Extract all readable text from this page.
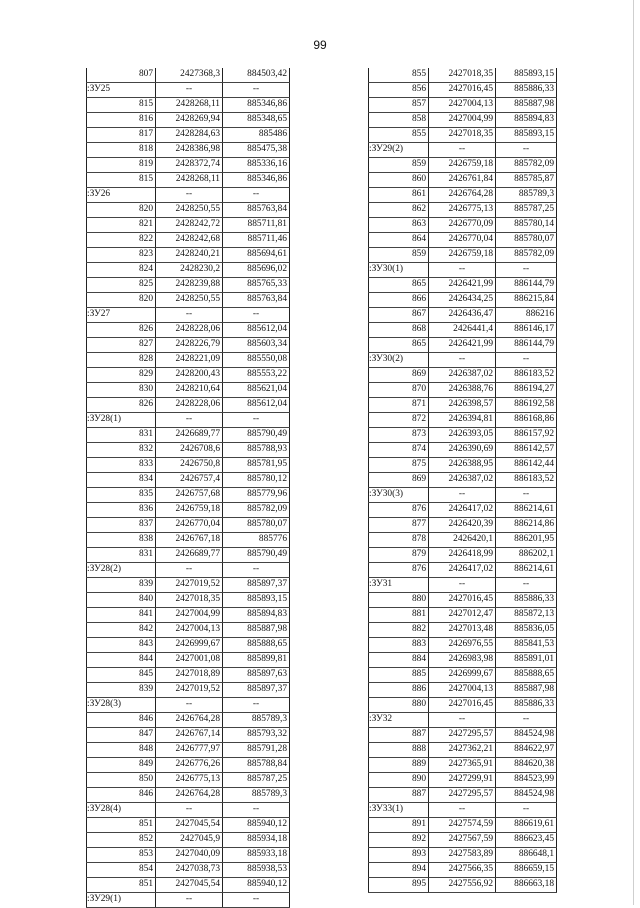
99
807	2427368,3	884503,42
:ЗУ25	--	--
815	2428268,11	885346,86
816	2428269,94	885348,65
817	2428284,63	885486
818	2428386,98	885475,38
819	2428372,74	885336,16
815	2428268,11	885346,86
:ЗУ26	--	--
820	2428250,55	885763,84
821	2428242,72	885711,81
822	2428242,68	885711,46
823	2428240,21	885694,61
824	2428230,2	885696,02
825	2428239,88	885765,33
820	2428250,55	885763,84
:ЗУ27	--	--
826	2428228,06	885612,04
827	2428226,79	885603,34
828	2428221,09	885550,08
829	2428200,43	885553,22
830	2428210,64	885621,04
826	2428228,06	885612,04
:ЗУ28(1)	--	--
831	2426689,77	885790,49
832	2426708,6	885788,93
833	2426750,8	885781,95
834	2426757,4	885780,12
835	2426757,68	885779,96
836	2426759,18	885782,09
837	2426770,04	885780,07
838	2426767,18	885776
831	2426689,77	885790,49
:ЗУ28(2)	--	--
839	2427019,52	885897,37
840	2427018,35	885893,15
841	2427004,99	885894,83
842	2427004,13	885887,98
843	2426999,67	885888,65
844	2427001,08	885899,81
845	2427018,89	885897,63
839	2427019,52	885897,37
:ЗУ28(3)	--	--
846	2426764,28	885789,3
847	2426767,14	885793,32
848	2426777,97	885791,28
849	2426776,26	885788,84
850	2426775,13	885787,25
846	2426764,28	885789,3
:ЗУ28(4)	--	--
851	2427045,54	885940,12
852	2427045,9	885934,18
853	2427040,09	885933,18
854	2427038,73	885938,53
851	2427045,54	885940,12
:ЗУ29(1)	--	--
855	2427018,35	885893,15
856	2427016,45	885886,33
857	2427004,13	885887,98
858	2427004,99	885894,83
855	2427018,35	885893,15
:ЗУ29(2)	--	--
859	2426759,18	885782,09
860	2426761,84	885785,87
861	2426764,28	885789,3
862	2426775,13	885787,25
863	2426770,09	885780,14
864	2426770,04	885780,07
859	2426759,18	885782,09
:ЗУ30(1)	--	--
865	2426421,99	886144,79
866	2426434,25	886215,84
867	2426436,47	886216
868	2426441,4	886146,17
865	2426421,99	886144,79
:ЗУ30(2)	--	--
869	2426387,02	886183,52
870	2426388,76	886194,27
871	2426398,57	886192,58
872	2426394,81	886168,86
873	2426393,05	886157,92
874	2426390,69	886142,57
875	2426388,95	886142,44
869	2426387,02	886183,52
:ЗУ30(3)	--	--
876	2426417,02	886214,61
877	2426420,39	886214,86
878	2426420,1	886201,95
879	2426418,99	886202,1
876	2426417,02	886214,61
:ЗУ31	--	--
880	2427016,45	885886,33
881	2427012,47	885872,13
882	2427013,48	885836,05
883	2426976,55	885841,53
884	2426983,98	885891,01
885	2426999,67	885888,65
886	2427004,13	885887,98
880	2427016,45	885886,33
:ЗУ32	--	--
887	2427295,57	884524,98
888	2427362,21	884622,97
889	2427365,91	884620,38
890	2427299,91	884523,99
887	2427295,57	884524,98
:ЗУ33(1)	--	--
891	2427574,59	886619,61
892	2427567,59	886623,45
893	2427583,89	886648,1
894	2427566,35	886659,15
895	2427556,92	886663,18
